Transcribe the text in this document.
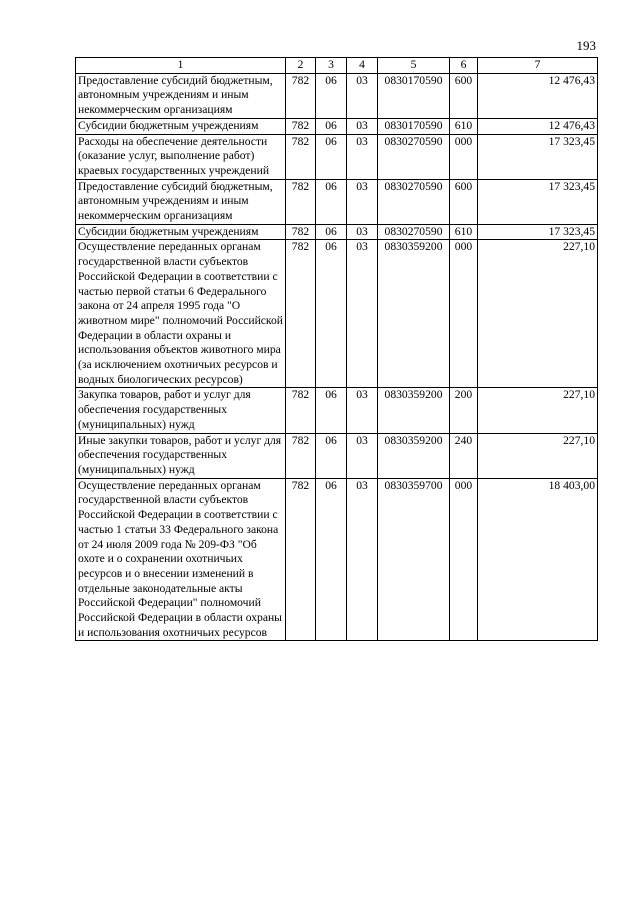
193
1	2	3	4	5	6	7
Предоставление субсидий бюджетным, автономным учреждениям и иным некоммерческим организациям	782	06	03	0830170590	600	12 476,43
Субсидии бюджетным учреждениям	782	06	03	0830170590	610	12 476,43
Расходы на обеспечение деятельности (оказание услуг, выполнение работ) краевых государственных учреждений	782	06	03	0830270590	000	17 323,45
Предоставление субсидий бюджетным, автономным учреждениям и иным некоммерческим организациям	782	06	03	0830270590	600	17 323,45
Субсидии бюджетным учреждениям	782	06	03	0830270590	610	17 323,45
Осуществление переданных органам государственной власти субъектов Российской Федерации в соответствии с частью первой статьи 6 Федерального закона от 24 апреля 1995 года "О животном мире" полномочий Российской Федерации в области охраны и использования объектов животного мира (за исключением охотничьих ресурсов и водных биологических ресурсов)	782	06	03	0830359200	000	227,10
Закупка товаров, работ и услуг для обеспечения государственных (муниципальных) нужд	782	06	03	0830359200	200	227,10
Иные закупки товаров, работ и услуг для обеспечения государственных (муниципальных) нужд	782	06	03	0830359200	240	227,10
Осуществление переданных органам государственной власти субъектов Российской Федерации в соответствии с частью 1 статьи 33 Федерального закона от 24 июля 2009 года № 209-ФЗ "Об охоте и о сохранении охотничьих ресурсов и о внесении изменений в отдельные законодательные акты Российской Федерации" полномочий Российской Федерации в области охраны и использования охотничьих ресурсов	782	06	03	0830359700	000	18 403,00
